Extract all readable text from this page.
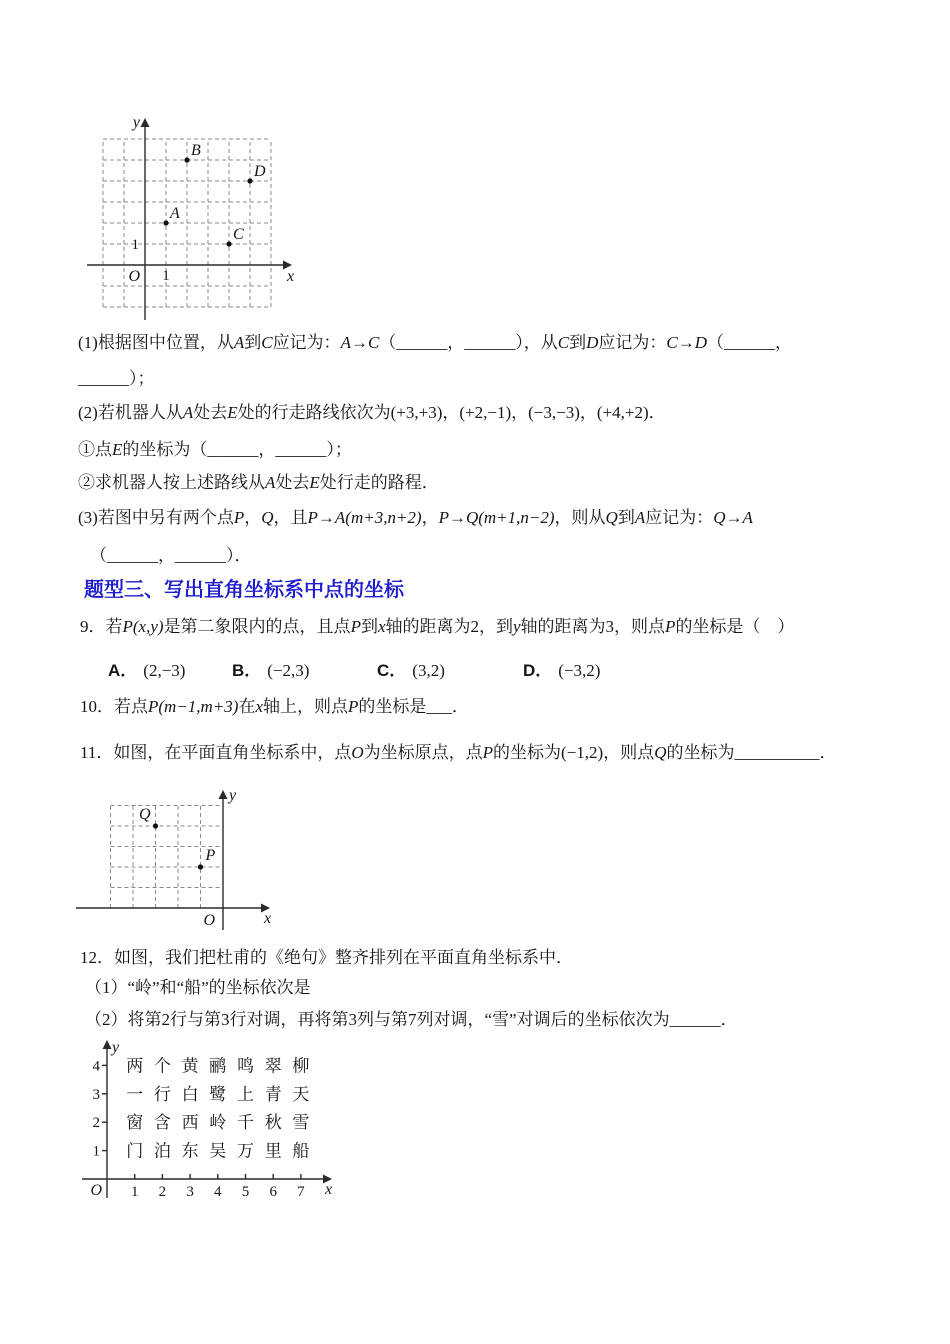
1
1
A
B
C
D
O	x
y
(1)根据图中位置，从A到C应记为：A→C（______，______），从C到D应记为：C→D（______，
______）；
(2)若机器人从A处去E处的行走路线依次为(+3,+3)，(+2,−1)，(−3,−3)，(+4,+2)．
①点E的坐标为（______，______）；
②求机器人按上述路线从A处去E处行走的路程．
(3)若图中另有两个点P，Q，且P→A(m+3,n+2)，P→Q(m+1,n−2)，则从Q到A应记为：Q→A
（______，______）．
题型三、写出直角坐标系中点的坐标
9．若P(x,y)是第二象限内的点，且点P到x轴的距离为2，到y轴的距离为3，则点P的坐标是（　）
A． (2,−3)	B． (−2,3)	C． (3,2)	D． (−3,2)
10．若点P(m−1,m+3)在x轴上，则点P的坐标是___．
11．如图，在平面直角坐标系中，点O为坐标原点，点P的坐标为(−1,2)，则点Q的坐标为__________．
Q
P
O	x
y
12．如图，我们把杜甫的《绝句》整齐排列在平面直角坐标系中．
（1）“岭”和“船”的坐标依次是
（2）将第2行与第3行对调，再将第3列与第7列对调，“雪”对调后的坐标依次为______．
1 2 3 4 5 6 7
1
2
3
4 两 个 黄 鹂 鸣 翠 柳
一 行 白 鹭 上 青 天
窗 含 西 岭 千 秋 雪
门 泊 东 吴 万 里 船
O	x
y
